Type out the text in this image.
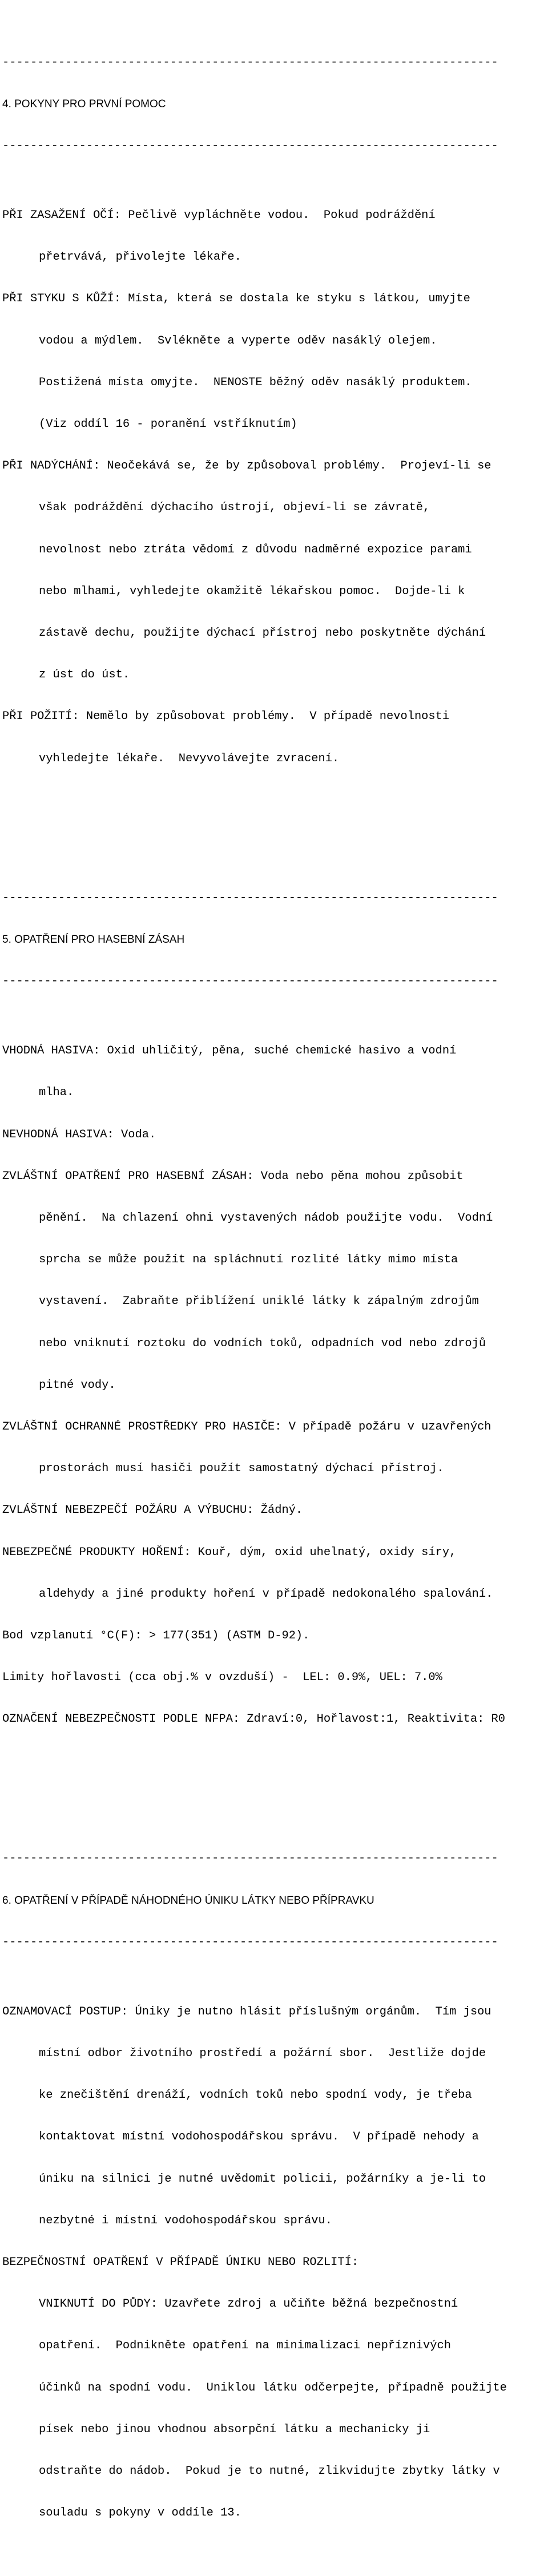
-----------------------------------------------------------------------

4. POKYNY PRO PRVNÍ POMOC

-----------------------------------------------------------------------

PŘI ZASAŽENÍ OČÍ: Pečlivě vypláchněte vodou.  Pokud podráždění

přetrvává, přivolejte lékaře.

PŘI STYKU S KŮŽÍ: Místa, která se dostala ke styku s látkou, umyjte

vodou a mýdlem.  Svlékněte a vyperte oděv nasáklý olejem.

Postižená místa omyjte.  NENOSTE běžný oděv nasáklý produktem.

(Viz oddíl 16 - poranění vstříknutím)

PŘI NADÝCHÁNÍ: Neočekává se, že by způsoboval problémy.  Projeví-li se

však podráždění dýchacího ústrojí, objeví-li se závratě,

nevolnost nebo ztráta vědomí z důvodu nadměrné expozice parami

nebo mlhami, vyhledejte okamžitě lékařskou pomoc.  Dojde-li k

zástavě dechu, použijte dýchací přístroj nebo poskytněte dýchání

z úst do úst.

PŘI POŽITÍ: Nemělo by způsobovat problémy.  V případě nevolnosti

vyhledejte lékaře.  Nevyvolávejte zvracení.

-----------------------------------------------------------------------

5. OPATŘENÍ PRO HASEBNÍ ZÁSAH

-----------------------------------------------------------------------

VHODNÁ HASIVA: Oxid uhličitý, pěna, suché chemické hasivo a vodní

mlha.

NEVHODNÁ HASIVA: Voda.

ZVLÁŠTNÍ OPATŘENÍ PRO HASEBNÍ ZÁSAH: Voda nebo pěna mohou způsobit

pěnění.  Na chlazení ohni vystavených nádob použijte vodu.  Vodní

sprcha se může použít na spláchnutí rozlité látky mimo místa

vystavení.  Zabraňte přiblížení uniklé látky k zápalným zdrojům

nebo vniknutí roztoku do vodních toků, odpadních vod nebo zdrojů

pitné vody.

ZVLÁŠTNÍ OCHRANNÉ PROSTŘEDKY PRO HASIČE: V případě požáru v uzavřených

prostorách musí hasiči použít samostatný dýchací přístroj.

ZVLÁŠTNÍ NEBEZPEČÍ POŽÁRU A VÝBUCHU: Žádný.

NEBEZPEČNÉ PRODUKTY HOŘENÍ: Kouř, dým, oxid uhelnatý, oxidy síry,

aldehydy a jiné produkty hoření v případě nedokonalého spalování.

Bod vzplanutí °C(F): > 177(351) (ASTM D-92).

Limity hořlavosti (cca obj.% v ovzduší) -  LEL: 0.9%, UEL: 7.0%

OZNAČENÍ NEBEZPEČNOSTI PODLE NFPA: Zdraví:0, Hořlavost:1, Reaktivita: R0

-----------------------------------------------------------------------

6. OPATŘENÍ V PŘÍPADĚ NÁHODNÉHO ÚNIKU LÁTKY NEBO PŘÍPRAVKU

-----------------------------------------------------------------------

OZNAMOVACÍ POSTUP: Úniky je nutno hlásit příslušným orgánům.  Tím jsou

místní odbor životního prostředí a požární sbor.  Jestliže dojde

ke znečištění drenáží, vodních toků nebo spodní vody, je třeba

kontaktovat místní vodohospodářskou správu.  V případě nehody a

úniku na silnici je nutné uvědomit policii, požárníky a je-li to

nezbytné i místní vodohospodářskou správu.

BEZPEČNOSTNÍ OPATŘENÍ V PŘÍPADĚ ÚNIKU NEBO ROZLITÍ:

VNIKNUTÍ DO PŮDY: Uzavřete zdroj a učiňte běžná bezpečnostní

opatření.  Podnikněte opatření na minimalizaci nepříznivých

účinků na spodní vodu.  Uniklou látku odčerpejte, případně použijte

písek nebo jinou vhodnou absorpční látku a mechanicky ji

odstraňte do nádob.  Pokud je to nutné, zlikvidujte zbytky látky v

souladu s pokyny v oddíle 13.
